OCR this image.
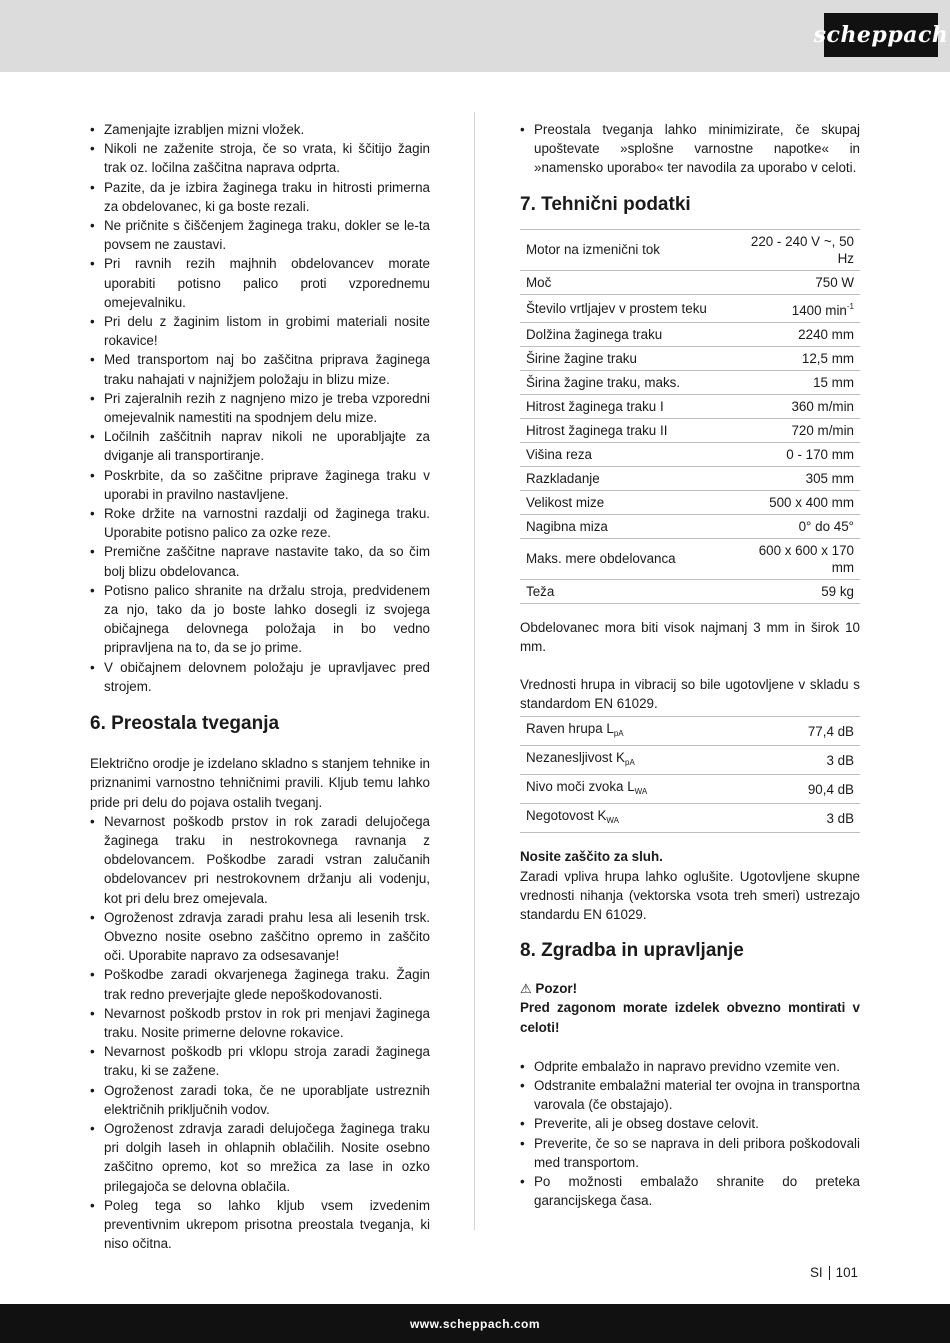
scheppach
• Zamenjajte izrabljen mizni vložek.
• Nikoli ne zaženite stroja, če so vrata, ki ščitijo žagin trak oz. ločilna zaščitna naprava odprta.
• Pazite, da je izbira žaginega traku in hitrosti primerna za obdelovanec, ki ga boste rezali.
• Ne pričnite s čiščenjem žaginega traku, dokler se le-ta povsem ne zaustavi.
• Pri ravnih rezih majhnih obdelovancev morate uporabiti potisno palico proti vzporednemu omejevalniku.
• Pri delu z žaginim listom in grobimi materiali nosite rokavice!
• Med transportom naj bo zaščitna priprava žaginega traku nahajati v najnižjem položaju in blizu mize.
• Pri zajeralnih rezih z nagnjeno mizo je treba vzporedni omejevalnik namestiti na spodnjem delu mize.
• Ločilnih zaščitnih naprav nikoli ne uporabljajte za dviganje ali transportiranje.
• Poskrbite, da so zaščitne priprave žaginega traku v uporabi in pravilno nastavljene.
• Roke držite na varnostni razdalji od žaginega traku. Uporabite potisno palico za ozke reze.
• Premične zaščitne naprave nastavite tako, da so čim bolj blizu obdelovanca.
• Potisno palico shranite na držalu stroja, predvidenem za njo, tako da jo boste lahko dosegli iz svojega običajnega delovnega položaja in bo vedno pripravljena na to, da se jo prime.
• V običajnem delovnem položaju je upravljavec pred strojem.
6. Preostala tveganja

Električno orodje je izdelano skladno s stanjem tehnike in priznanimi varnostno tehničnimi pravili. Kljub temu lahko pride pri delu do pojava ostalih tveganj.

• Nevarnost poškodb prstov in rok zaradi delujočega žaginega traku in nestrokovnega ravnanja z obdelovancem. Poškodbe zaradi vstran zalučanih obdelovancev pri nestrokovnem držanju ali vodenju, kot pri delu brez omejevala.
• Ogroženost zdravja zaradi prahu lesa ali lesenih trsk. Obvezno nosite osebno zaščitno opremo in zaščito oči. Uporabite napravo za odsesavanje!
• Poškodbe zaradi okvarjenega žaginega traku. Žagin trak redno preverjajte glede nepoškodovanosti.
• Nevarnost poškodb prstov in rok pri menjavi žaginega traku. Nosite primerne delovne rokavice.
• Nevarnost poškodb pri vklopu stroja zaradi žaginega traku, ki se zažene.
• Ogroženost zaradi toka, če ne uporabljate ustreznih električnih priključnih vodov.
• Ogroženost zdravja zaradi delujočega žaginega traku pri dolgih laseh in ohlapnih oblačilih. Nosite osebno zaščitno opremo, kot so mrežica za lase in ozko prilegajoča se delovna oblačila.
• Poleg tega so lahko kljub vsem izvedenim preventivnim ukrepom prisotna preostala tveganja, ki niso očitna.
• Preostala tveganja lahko minimizirate, če skupaj upoštevate »splošne varnostne napotke« in »namensko uporabo« ter navodila za uporabo v celoti.
7. Tehnični podatki
Motor na izmenični tok	220 - 240 V ~, 50 Hz
Moč	750 W
Število vrtljajev v prostem teku	1400 $\min^{-1}$
Dolžina žaginega traku	2240 mm
Širine žagine traku	12,5 mm
Širina žagine traku, maks.	15 mm
Hitrost žaginega traku I	360 m/min
Hitrost žaginega traku II	720 m/min
Višina reza	0 - 170 mm
Razkladanje	305 mm
Velikost mize	500 x 400 mm
Nagibna miza	0° do 45°
Maks. mere obdelovanca	600 x 600 x 170 mm
Teža	59 kg

Obdelovanec mora biti visok najmanj 3 mm in širok 10 mm.

Vrednosti hrupa in vibracij so bile ugotovljene v skladu s standardom EN 61029.

Raven hrupa $L_{pA}$	77,4 dB
Nezanesljivost $K_{pA}$	3 dB
Nivo moči zvoka $L_{WA}$	90,4 dB
Negotovost $K_{WA}$	3 dB

Nosite zaščito za sluh.

Zaradi vpliva hrupa lahko oglušite. Ugotovljene skupne vrednosti nihanja (vektorska vsota treh smeri) ustrezajo standardu EN 61029.

8. Zgradba in upravljanje

⚠ Pozor!

Pred zagonom morate izdelek obvezno montirati v celoti!

• Odprite embalažo in napravo previdno vzemite ven.
• Odstranite embalažni material ter ovojna in transportna varovala (če obstajajo).
• Preverite, ali je obseg dostave celovit.
• Preverite, če so se naprava in deli pribora poškodovali med transportom.
• Po možnosti embalažo shranite do preteka garancijskega časa.
SI 101
www.scheppach.com
